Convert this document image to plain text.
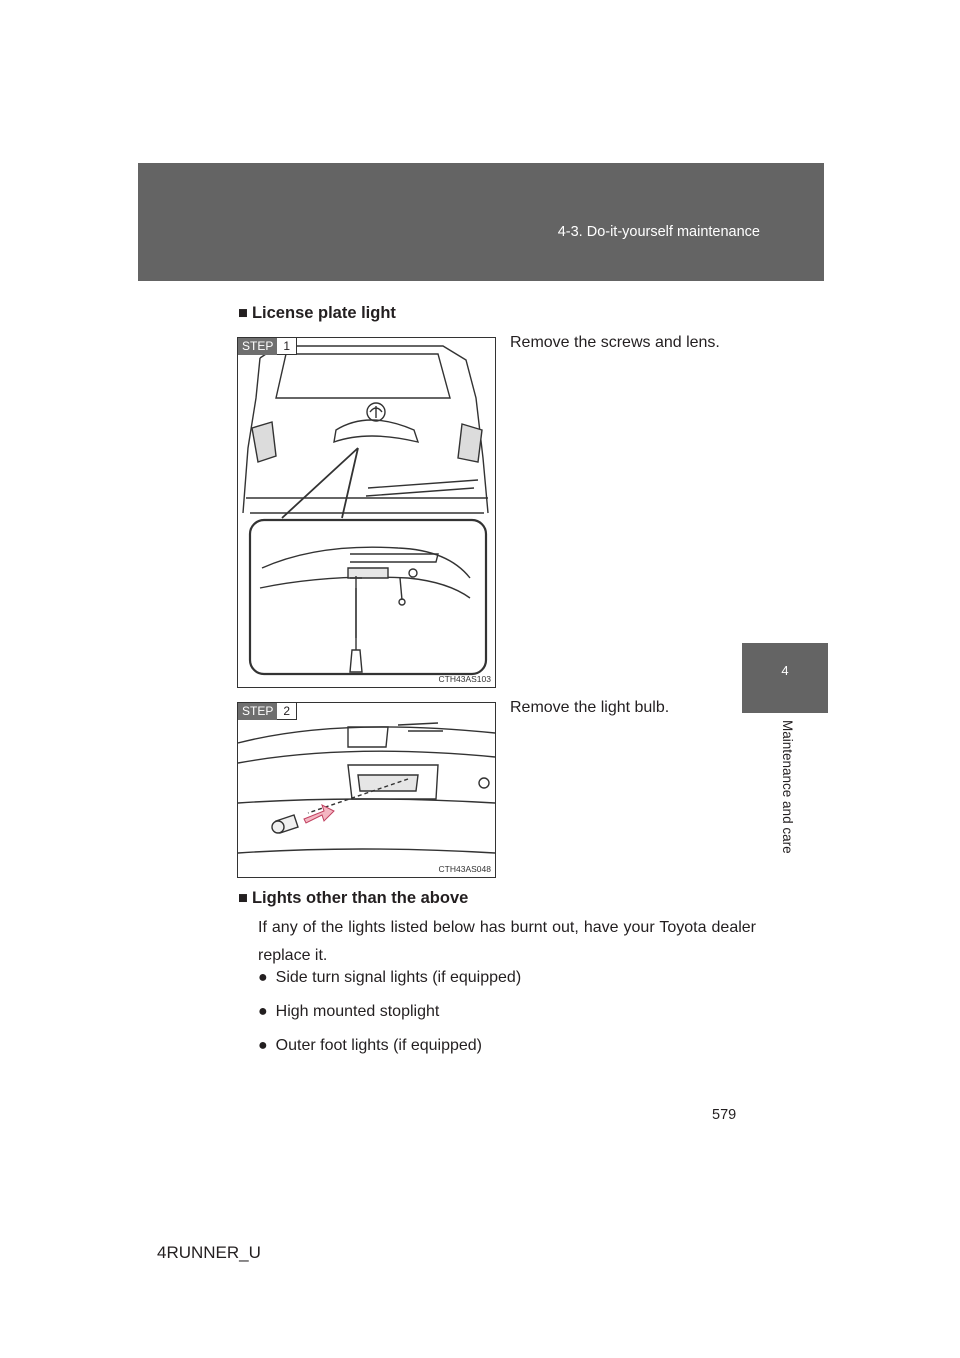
4-3. Do-it-yourself maintenance
4
Maintenance and care
■ License plate light
STEP 1
CTH43AS103
Remove the screws and lens.
STEP 2
CTH43AS048
Remove the light bulb.
■ Lights other than the above
If any of the lights listed below has burnt out, have your Toyota dealer replace it.
● Side turn signal lights (if equipped)
● High mounted stoplight
● Outer foot lights (if equipped)
579
4RUNNER_U
